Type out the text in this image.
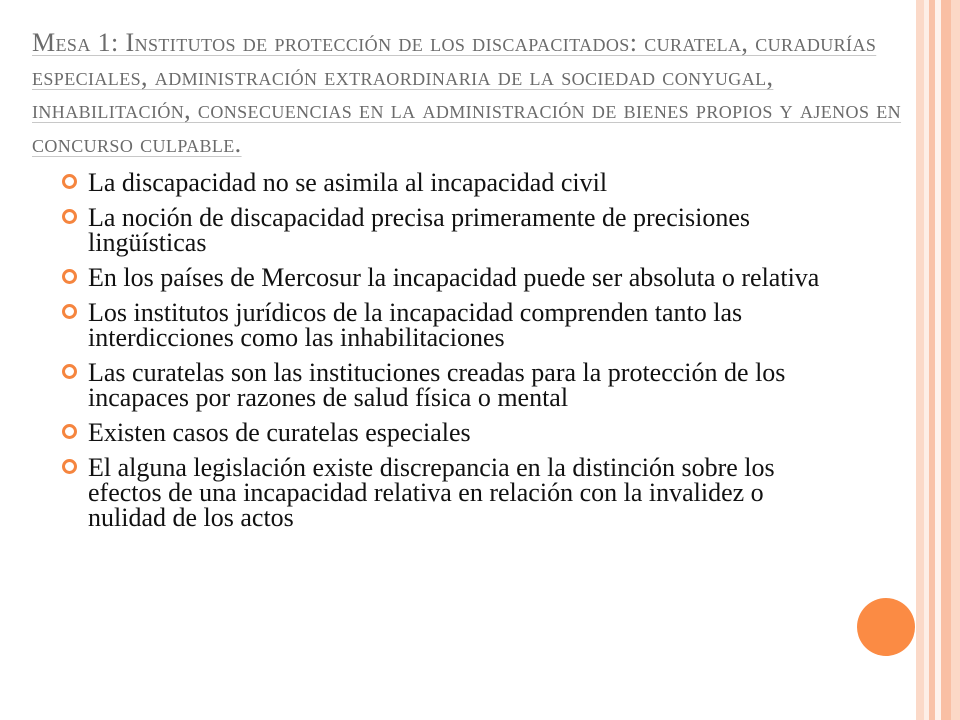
Mesa 1: Institutos de protección de los discapacitados: curatela, curadurías especiales, administración extraordinaria de la sociedad conyugal, inhabilitación, consecuencias en la administración de bienes propios y ajenos en concurso culpable.
La discapacidad no se asimila al incapacidad civil
La noción de discapacidad precisa primeramente de precisiones lingüísticas
En los países de Mercosur la incapacidad puede ser absoluta o relativa
Los institutos jurídicos de la incapacidad comprenden tanto las interdicciones como las inhabilitaciones
Las curatelas son las instituciones creadas para la protección de los incapaces por razones de salud física o mental
Existen casos de curatelas especiales
El alguna legislación existe discrepancia en la distinción sobre los efectos de una incapacidad relativa en relación con la invalidez o nulidad de los actos
